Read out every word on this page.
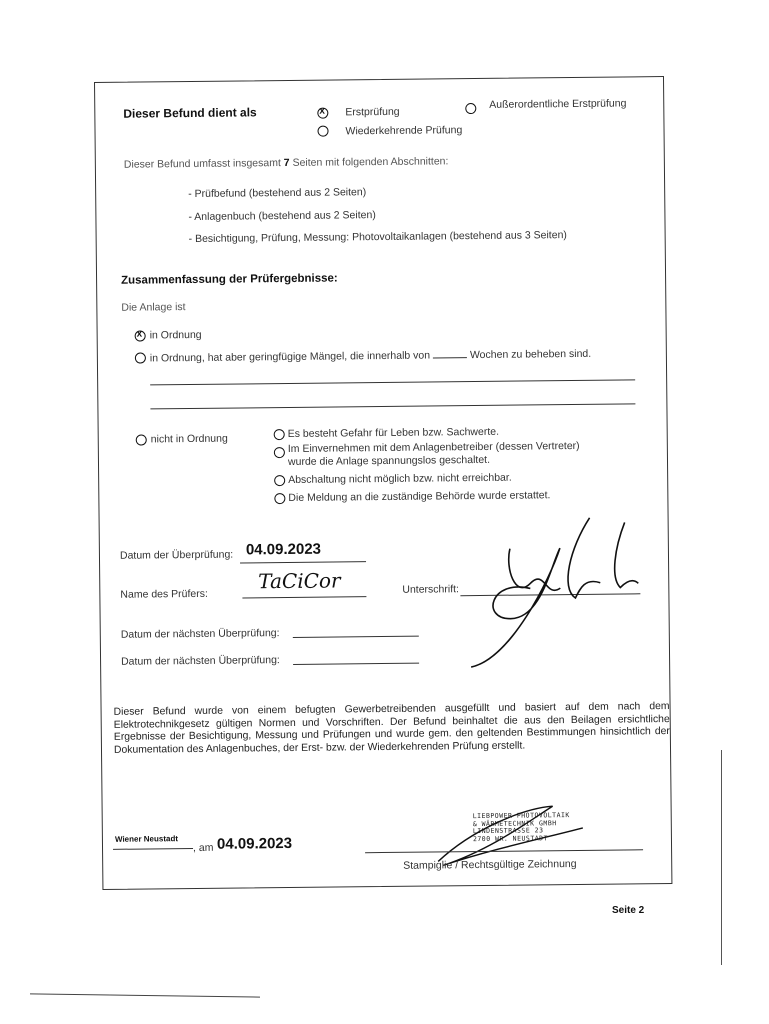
Dieser Befund dient als
x	Erstprüfung
Außerordentliche Erstprüfung
Wiederkehrende Prüfung
Dieser Befund umfasst insgesamt 7 Seiten mit folgenden Abschnitten:
- Prüfbefund (bestehend aus 2 Seiten)
- Anlagenbuch (bestehend aus 2 Seiten)
- Besichtigung, Prüfung, Messung: Photovoltaikanlagen (bestehend aus 3 Seiten)
Zusammenfassung der Prüfergebnisse:
Die Anlage ist
x
in Ordnung
in Ordnung, hat aber geringfügige Mängel, die innerhalb von	Wochen zu beheben sind.
nicht in Ordnung	Es besteht Gefahr für Leben bzw. Sachwerte.
Im Einvernehmen mit dem Anlagenbetreiber (dessen Vertreter)
wurde die Anlage spannungslos geschaltet.
Abschaltung nicht möglich bzw. nicht erreichbar.
Die Meldung an die zuständige Behörde wurde erstattet.
Datum der Überprüfung: 04.09.2023
Name des Prüfers:
TaCiCor	Unterschrift:
Datum der nächsten Überprüfung:
Datum der nächsten Überprüfung:
Dieser Befund wurde von einem befugten Gewerbetreibenden ausgefüllt und basiert auf dem nach dem Elektrotechnikgesetz gültigen Normen und Vorschriften. Der Befund beinhaltet die aus den Beilagen ersichtliche Ergebnisse der Besichtigung, Messung und Prüfungen und wurde gem. den geltenden Bestimmungen hinsichtlich der Dokumentation des Anlagenbuches, der Erst- bzw. der Wiederkehrenden Prüfung erstellt.
Wiener Neustadt
, am 04.09.2023
LIEBPOWER PHOTOVOLTAIK
& WÄRMETECHNIK GMBH
LINDENSTRASSE 23
2700 WR. NEUSTADT
Stampiglie / Rechtsgültige Zeichnung
Seite 2
